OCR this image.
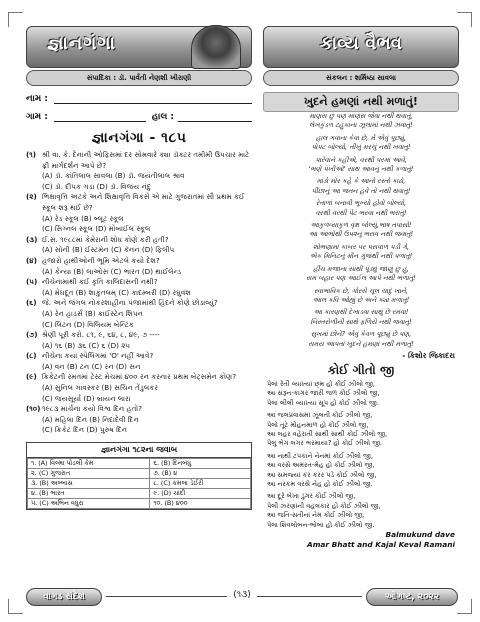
જ્ઞાનગંગા
સંપાદિકા : ડૉ. પાર્વતી નેણશી ખીરાણી
નામ :
ગામ :	હાલ :
જ્ઞાનગંગા - ૧૮૫
(૧) શ્રી વા. કે. દેનાની ઓફિસમાં દર સોમવારે ક્યા ડૉક્ટર તમીમી ઉપચાર માટે ફ્રી માર્ગદર્શન આપે છે?
(A) ડૉ. કાંતિલાલ સાવલા (B) ડૉ. જયંતીલાલ શ્રાવ
(C) ડૉ. દીપક ગડા (D) ડૉ. વિજય નંદુ
(૨) ભિક્ષાવૃત્તિ અટકે અને શિક્ષાવૃત્તિ વિકસે એ માટે ગુજરાતમાં સૌ પ્રથમ કઈ સ્કૂલ શરૂ થઈ છે?
(A) રેડ સ્કૂલ (B) બ્લૂટ સ્કૂલ
(C) સિગ્નલ સ્કૂલ (D) મોબાઈલ સ્કૂલ
(૩) ઈ.સ. ૧૯૮૮માં કેમેરાની શોધ કોણે કરી હતી?
(A) સોની (B) ઈસ્ટમેન (C) કૅનન (D) ફિલીપ
(૪) હજારો હાથીઓની ભૂમિ એટલે કયો દેશ?
(A) કેન્યા (B) લાઓસ (C) ભારત (D) થાઈલેન્ડ
(૫) નીચેનામાંથી કઈ કૃતિ કાલિદાસની નથી?
(A) મેઘદૂત (B) શાકુંતલમ્ (C) કાદમ્બરી (D) રઘુવંશ
(૬) જે. અને જંગલ નોકરશાહીના પંજામાંથી હિંદને કોણે છોડાવ્યું?
(A) રેન હાડર્સ (B) ક્રાઈસ્ટેન શિપન
(C) લિટન (D) વિલિયમ બેન્ટિંક
(૭) શ્રેણી પૂરી કરો. ૮૧, ૯, ૬૪, ૮, ૪૯, ૭ ----
(A) ૧૬ (B) ૩૬ (C) ૬ (D) ૨૫
(૮) નીચેના કયા સ્પેલિંગમાં 'O' નહીં આવે?
(A) વન (B) ટન (C) રન (D) સન
(૯) ક્રિકેટની રમતમાં ટેસ્ટ મેચમાં ૪૦૦ રન કરનાર પ્રથમ બેટ્સમેન કોણ?
(A) સુનિલ ગાવસ્કર (B) સચિન તેંડુલકર
(C) જયસૂર્યા (D) બ્રાયન લારા
(૧૦) ૧૯૮૩ માર્ચના કયો વિશ્વ દિન હતો?
(A) મહિલા દિન (B) નિદાદેવી દિન
(C) ક્રિકેટ દિન (D) પુરુષ દિન
જ્ઞાનગંગા ૧૮૨ના જવાબ
૧. (A) વિલ્મા પોડલી કેમ	૬. (B) દિનબંધુ
૨. (C) ગુજરાત	૭. (B) ૪
૩. (B) અબ્બાસ	૮. (C) કમલા ડેઈરી
૪. (B) ભારત	૯. (D) ચાંદી
૫. (C) અભિન વધુરા	૧૦. (B) ૪૦૦
કાવ્ય વૈભવ
સંકલન : શર્મિષ્ઠા સાવલા
ખુદને હમણાં નથી મળાતું!
માણસ છું પણ માણસ જેવા નથી થવાતું,
લેખકુંડળ ટહુકાના ઝૂલામાં નથી ઝવાતું!
હાલ ગવાના કેવા છે, મેં એવું પૂછ્યું,
પોપટ બોલ્યો, તીખું મરચું નથી ખવાતું!
પારેવાને કહીએ, વરથી પરમાં આવે,
'ભણે પંખીઓ' સાથ આવનું નથી કળાતું!
માંડો મોર કહે કે આનો રસ્તો કાઢો,
પીંછાનું આ જતન હવે તો નથી થવાતું!
રેતાળાં બનાવી ભૂખ્યો હોવો બોલ્યો,
વરથી વરથી પેટ ભરવા નથી ભરાતું!
આકુળવ્યાકુળ વૃક્ષ બોલ્યું,ભાષ તપાસો!
આ આભોથી ઉપ૨નું ભરાવ નથી જવાતું!
શોભણામાં કાબર પર પસવાળ પડી ગે,
એક મિનિટનું મૌન ગુંજથી નથી પળાતું!
હીંચ મજાના સાથી પૂંડ્યું જાણું છું હું,
સમ બહાર પણ આઈલ આપે નથી ભળાતું!
સ્વાભાવિક છે, ગોરસે ચૂલ ચાદું ખાને,
આલ કવિ ઓહ્યું છે અને ક્યાં મળાતું!
આ કારણથી દેખાડવા સાથું છે રમવા!
બિસ્તરોળીની સાથે ફળિયે નથી જવાતું!
સુખમાં છોને? એવું કેવળ પૂછ્યું છે પણ,
સમય આપતાં ખુદને હમણાં નથી મળાતું!
- કિશોર જિકાદરા
કોઈ ગીતો જી
પેલાં રેતી વ્યાખ્યાં છ્મ હો કોઈ ઝીલો જી,
આ સરૂન-કાગર જારી જળ કોઈ ઝીલો જી,
પેલા લીલી વ્યાખ્યા સૂપ હો કોઈ ઝીલો જી.
આ જલપ્રવાસમાં ઝૂલતી કોઈ ઝીલો જી,
પેલો તૂટે મોહનમાળ હો કોઈ ઝીલો જી,
આ લહર વહેરાતી સાથી સાથી કોઈ ઝીલો જી,
પેલું ભેગ લગર ભરમાયા? હો કોઈ ઝીલો જી.
આ નાથી ટપકાને નેનમાં કોઈ ઝીલો જી,
આ વરસે અમરત-મેહ હો કોઈ ઝીલો જી,
આ સમજ્યાં કંર કરર પડે કોઈ ઝીલો જી,
આ નરકમ વરસે નેહ હો કોઈ ઝીલો જી.
આ દૂરે બેખા ડુંગર કોઈ ઝીલો જી,
પેલી ઝરણાંની વહલકાર હો કોઈ ઝીલો જી,
આ જતિ-સતીનાં નેમ કોઈ ઝીલો જી,
પેલા શિવલોબન-ભોબા હો કોઈ ઝીલો જી.
Balmukund dave
Amar Bhatt and Kajal Keval Ramani
વાગડ સંદેશ	(૧૩)	ઓગષ્ટ, ૨૦૨૨
